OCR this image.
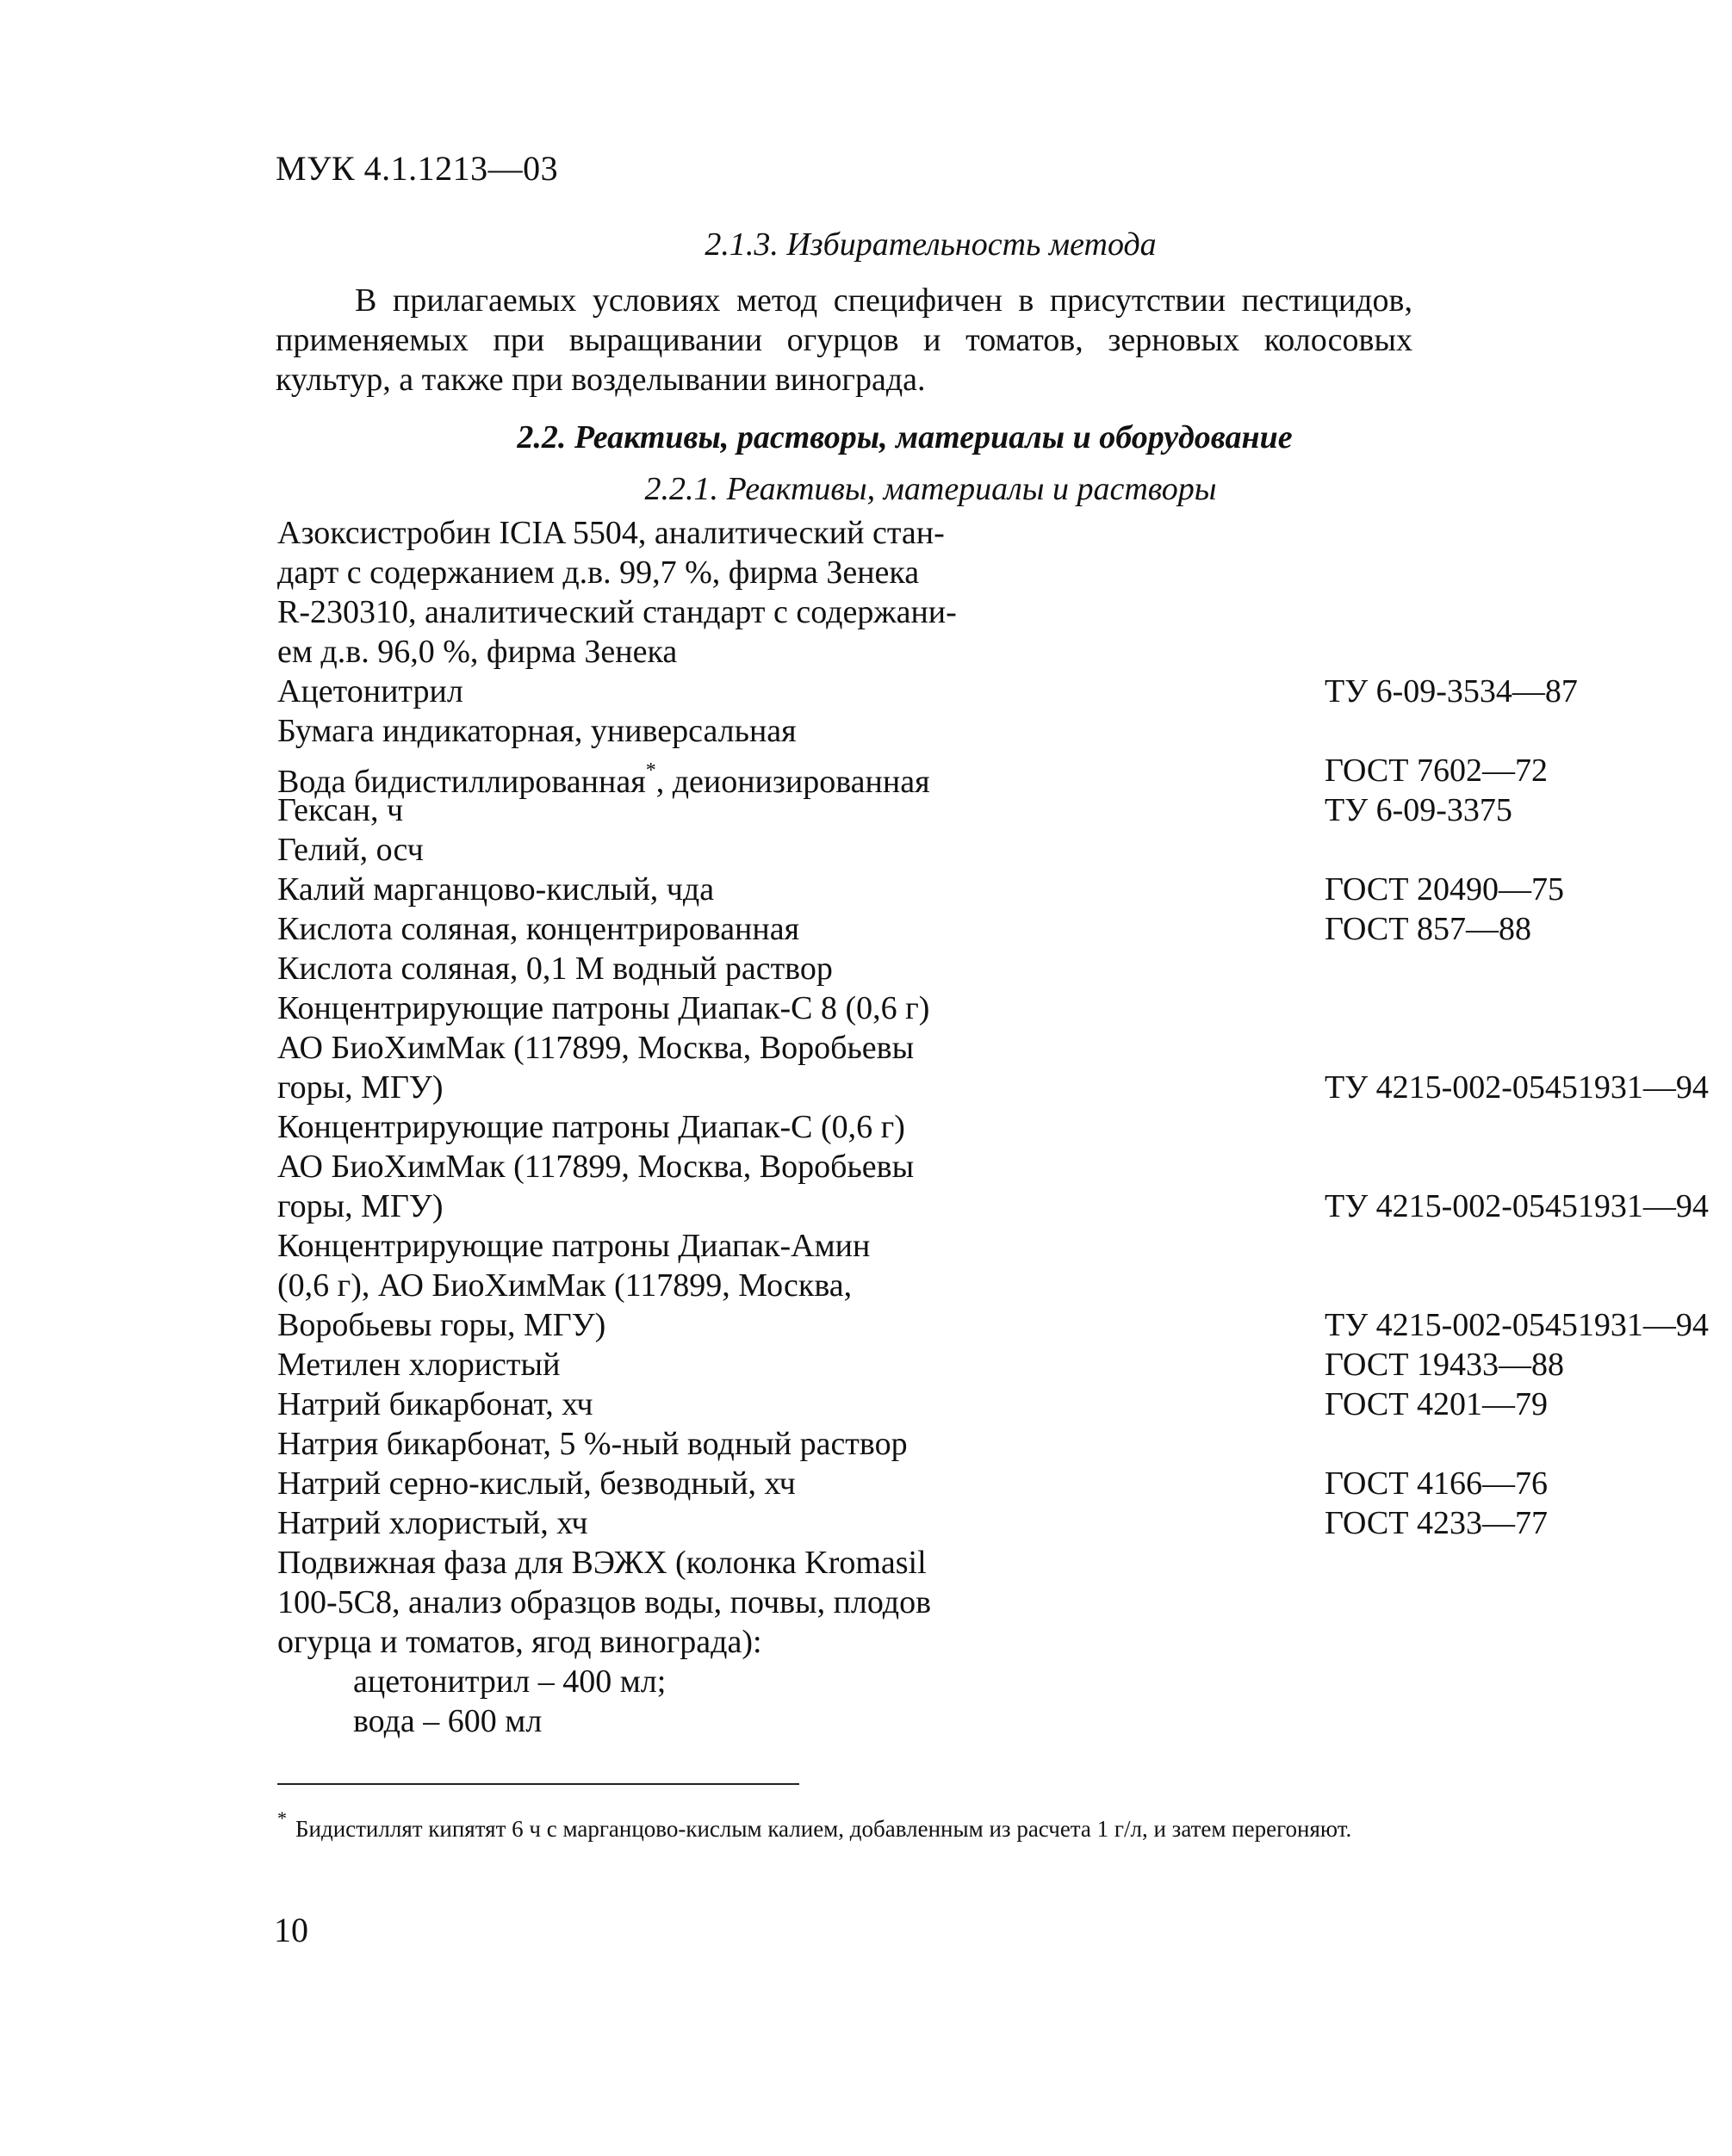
МУК 4.1.1213—03
2.1.3. Избирательность метода
В прилагаемых условиях метод специфичен в присутствии пестицидов, применяемых при выращивании огурцов и томатов, зерновых колосовых культур, а также при возделывании винограда.
2.2. Реактивы, растворы, материалы и оборудование
2.2.1. Реактивы, материалы и растворы
Азоксистробин ICIA 5504, аналитический стан-
дарт с содержанием д.в. 99,7 %, фирма Зенека
R-230310, аналитический стандарт с содержани-
ем д.в. 96,0 %, фирма Зенека
Ацетонитрил	ТУ 6-09-3534—87
Бумага индикаторная, универсальная
Вода бидистиллированная*, деионизированная	ГОСТ 7602—72
Гексан, ч	ТУ 6-09-3375
Гелий, осч
Калий марганцово-кислый, чда	ГОСТ 20490—75
Кислота соляная, концентрированная	ГОСТ 857—88
Кислота соляная, 0,1 М водный раствор
Концентрирующие патроны Диапак-С 8 (0,6 г)
АО БиоХимМак (117899, Москва, Воробьевы
горы, МГУ)	ТУ 4215-002-05451931—94
Концентрирующие патроны Диапак-С (0,6 г)
АО БиоХимМак (117899, Москва, Воробьевы
горы, МГУ)	ТУ 4215-002-05451931—94
Концентрирующие патроны Диапак-Амин
(0,6 г), АО БиоХимМак (117899, Москва,
Воробьевы горы, МГУ)	ТУ 4215-002-05451931—94
Метилен хлористый	ГОСТ 19433—88
Натрий бикарбонат, хч	ГОСТ 4201—79
Натрия бикарбонат, 5 %-ный водный раствор
Натрий серно-кислый, безводный, хч	ГОСТ 4166—76
Натрий хлористый, хч	ГОСТ 4233—77
Подвижная фаза для ВЭЖХ (колонка Kromasil
100-5С8, анализ образцов воды, почвы, плодов
огурца и томатов, ягод винограда):
ацетонитрил – 400 мл;
вода – 600 мл
* Бидистиллят кипятят 6 ч с марганцово-кислым калием, добавленным из расчета 1 г/л, и затем перегоняют.
10
